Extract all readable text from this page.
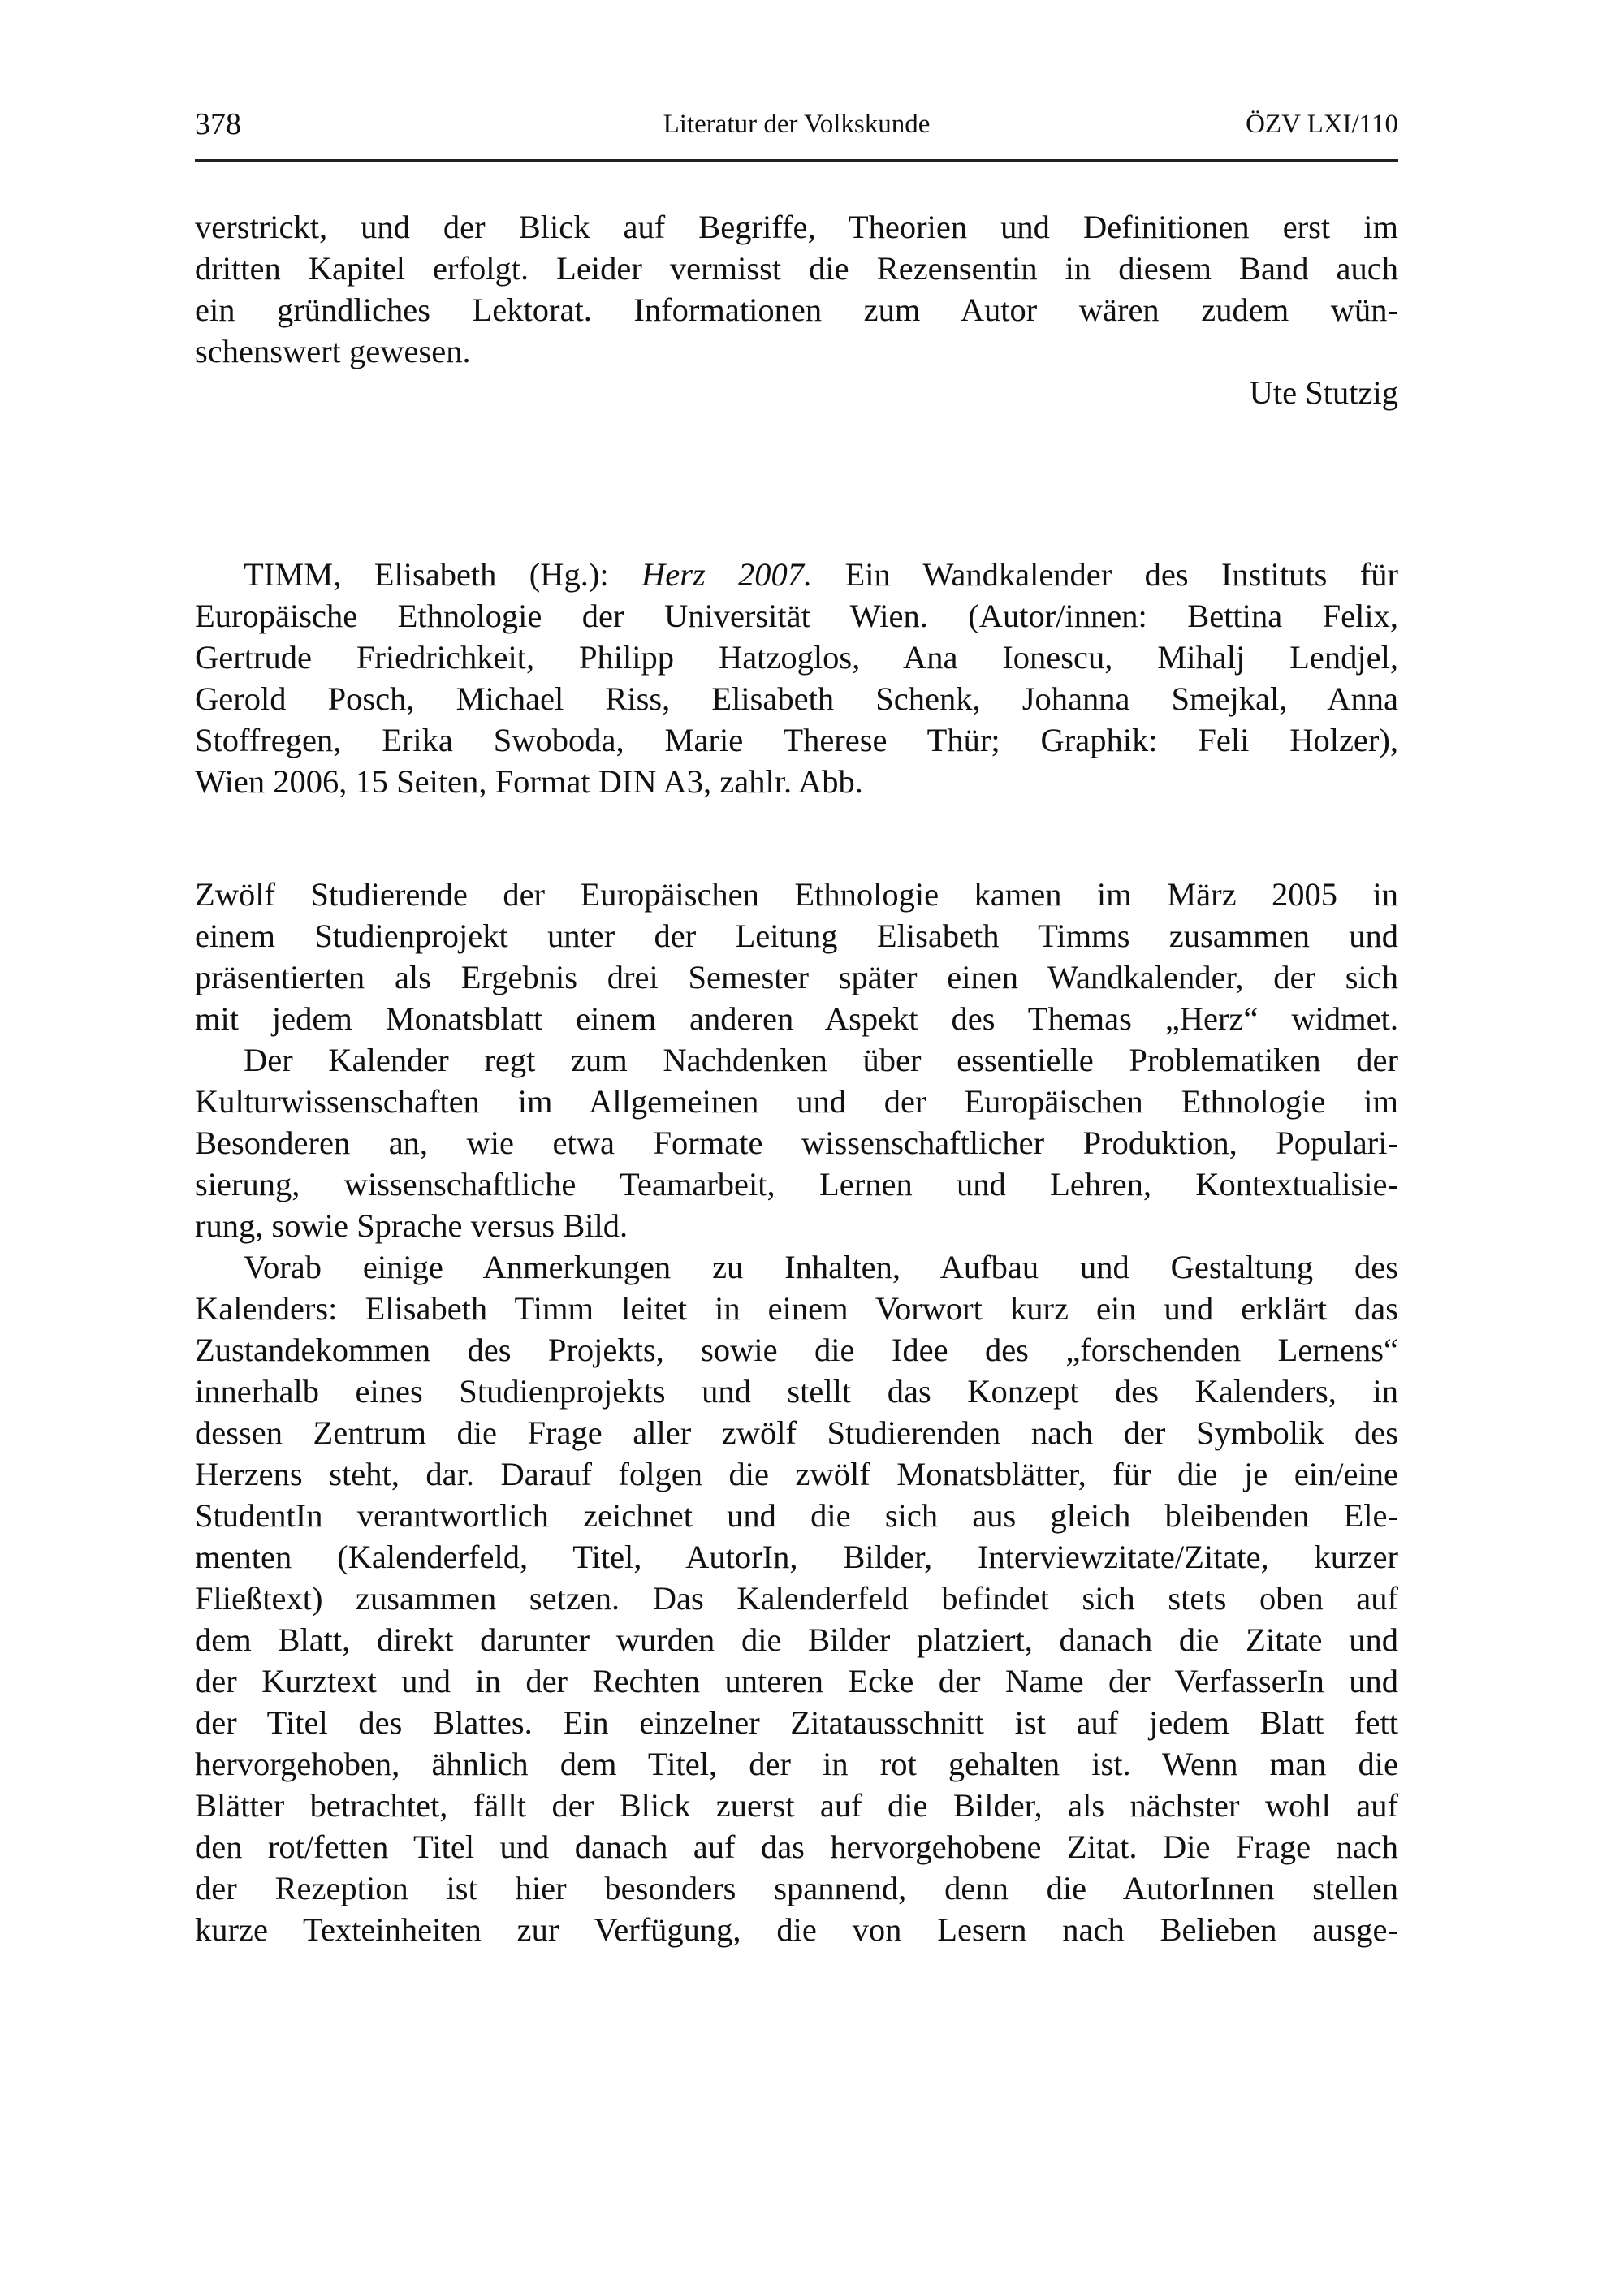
378	Literatur der Volkskunde	ÖZV LXI/110
verstrickt, und der Blick auf Begriffe, Theorien und Definitionen erst im
dritten Kapitel erfolgt. Leider vermisst die Rezensentin in diesem Band auch
ein gründliches Lektorat. Informationen zum Autor wären zudem wün-
schenswert gewesen.
Ute Stutzig
TIMM, Elisabeth (Hg.): Herz 2007. Ein Wandkalender des Instituts für
Europäische Ethnologie der Universität Wien. (Autor/innen: Bettina Felix,
Gertrude Friedrichkeit, Philipp Hatzoglos, Ana Ionescu, Mihalj Lendjel,
Gerold Posch, Michael Riss, Elisabeth Schenk, Johanna Smejkal, Anna
Stoffregen, Erika Swoboda, Marie Therese Thür; Graphik: Feli Holzer),
Wien 2006, 15 Seiten, Format DIN A3, zahlr. Abb.
Zwölf Studierende der Europäischen Ethnologie kamen im März 2005 in
einem Studienprojekt unter der Leitung Elisabeth Timms zusammen und
präsentierten als Ergebnis drei Semester später einen Wandkalender, der sich
mit jedem Monatsblatt einem anderen Aspekt des Themas „Herz“ widmet.
Der Kalender regt zum Nachdenken über essentielle Problematiken der
Kulturwissenschaften im Allgemeinen und der Europäischen Ethnologie im
Besonderen an, wie etwa Formate wissenschaftlicher Produktion, Populari-
sierung, wissenschaftliche Teamarbeit, Lernen und Lehren, Kontextualisie-
rung, sowie Sprache versus Bild.
Vorab einige Anmerkungen zu Inhalten, Aufbau und Gestaltung des
Kalenders: Elisabeth Timm leitet in einem Vorwort kurz ein und erklärt das
Zustandekommen des Projekts, sowie die Idee des „forschenden Lernens“
innerhalb eines Studienprojekts und stellt das Konzept des Kalenders, in
dessen Zentrum die Frage aller zwölf Studierenden nach der Symbolik des
Herzens steht, dar. Darauf folgen die zwölf Monatsblätter, für die je ein/eine
StudentIn verantwortlich zeichnet und die sich aus gleich bleibenden Ele-
menten (Kalenderfeld, Titel, AutorIn, Bilder, Interviewzitate/Zitate, kurzer
Fließtext) zusammen setzen. Das Kalenderfeld befindet sich stets oben auf
dem Blatt, direkt darunter wurden die Bilder platziert, danach die Zitate und
der Kurztext und in der Rechten unteren Ecke der Name der VerfasserIn und
der Titel des Blattes. Ein einzelner Zitatausschnitt ist auf jedem Blatt fett
hervorgehoben, ähnlich dem Titel, der in rot gehalten ist. Wenn man die
Blätter betrachtet, fällt der Blick zuerst auf die Bilder, als nächster wohl auf
den rot/fetten Titel und danach auf das hervorgehobene Zitat. Die Frage nach
der Rezeption ist hier besonders spannend, denn die AutorInnen stellen
kurze Texteinheiten zur Verfügung, die von Lesern nach Belieben ausge-
